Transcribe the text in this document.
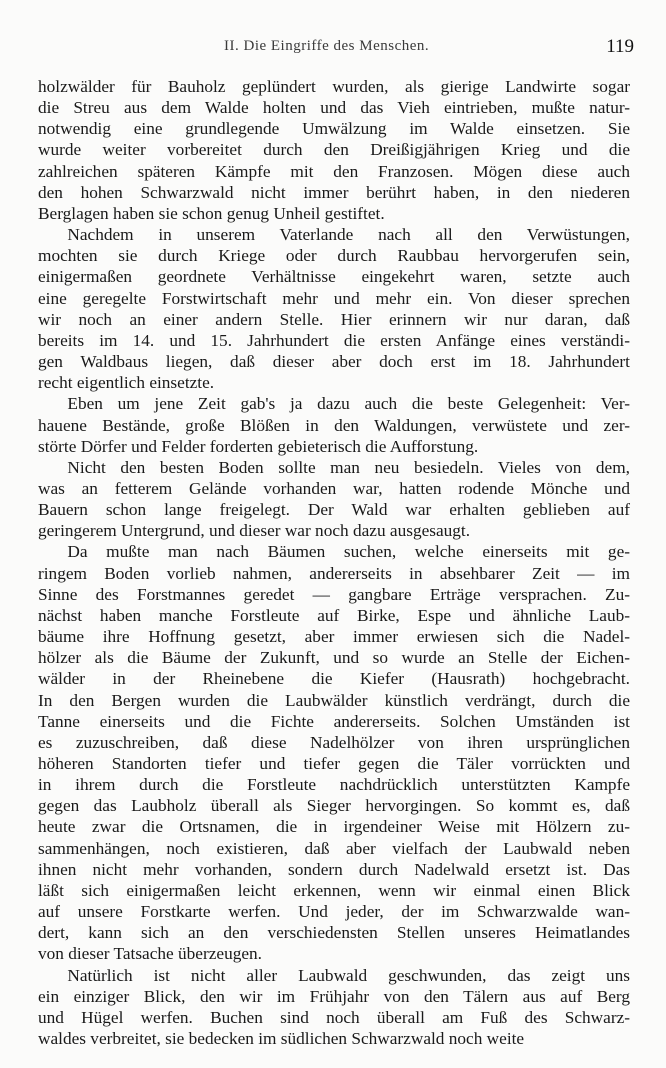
II. Die Eingriffe des Menschen.	119
holzwälder für Bauholz geplündert wurden, als gierige Landwirte sogar
die Streu aus dem Walde holten und das Vieh eintrieben, mußte natur-
notwendig eine grundlegende Umwälzung im Walde einsetzen. Sie
wurde weiter vorbereitet durch den Dreißigjährigen Krieg und die
zahlreichen späteren Kämpfe mit den Franzosen. Mögen diese auch
den hohen Schwarzwald nicht immer berührt haben, in den niederen
Berglagen haben sie schon genug Unheil gestiftet.
Nachdem in unserem Vaterlande nach all den Verwüstungen,
mochten sie durch Kriege oder durch Raubbau hervorgerufen sein,
einigermaßen geordnete Verhältnisse eingekehrt waren, setzte auch
eine geregelte Forstwirtschaft mehr und mehr ein. Von dieser sprechen
wir noch an einer andern Stelle. Hier erinnern wir nur daran, daß
bereits im 14. und 15. Jahrhundert die ersten Anfänge eines verständi-
gen Waldbaus liegen, daß dieser aber doch erst im 18. Jahrhundert
recht eigentlich einsetzte.
Eben um jene Zeit gab's ja dazu auch die beste Gelegenheit: Ver-
hauene Bestände, große Blößen in den Waldungen, verwüstete und zer-
störte Dörfer und Felder forderten gebieterisch die Aufforstung.
Nicht den besten Boden sollte man neu besiedeln. Vieles von dem,
was an fetterem Gelände vorhanden war, hatten rodende Mönche und
Bauern schon lange freigelegt. Der Wald war erhalten geblieben auf
geringerem Untergrund, und dieser war noch dazu ausgesaugt.
Da mußte man nach Bäumen suchen, welche einerseits mit ge-
ringem Boden vorlieb nahmen, andererseits in absehbarer Zeit — im
Sinne des Forstmannes geredet — gangbare Erträge versprachen. Zu-
nächst haben manche Forstleute auf Birke, Espe und ähnliche Laub-
bäume ihre Hoffnung gesetzt, aber immer erwiesen sich die Nadel-
hölzer als die Bäume der Zukunft, und so wurde an Stelle der Eichen-
wälder in der Rheinebene die Kiefer (Hausrath) hochgebracht.
In den Bergen wurden die Laubwälder künstlich verdrängt, durch die
Tanne einerseits und die Fichte andererseits. Solchen Umständen ist
es zuzuschreiben, daß diese Nadelhölzer von ihren ursprünglichen
höheren Standorten tiefer und tiefer gegen die Täler vorrückten und
in ihrem durch die Forstleute nachdrücklich unterstützten Kampfe
gegen das Laubholz überall als Sieger hervorgingen. So kommt es, daß
heute zwar die Ortsnamen, die in irgendeiner Weise mit Hölzern zu-
sammenhängen, noch existieren, daß aber vielfach der Laubwald neben
ihnen nicht mehr vorhanden, sondern durch Nadelwald ersetzt ist. Das
läßt sich einigermaßen leicht erkennen, wenn wir einmal einen Blick
auf unsere Forstkarte werfen. Und jeder, der im Schwarzwalde wan-
dert, kann sich an den verschiedensten Stellen unseres Heimatlandes
von dieser Tatsache überzeugen.
Natürlich ist nicht aller Laubwald geschwunden, das zeigt uns
ein einziger Blick, den wir im Frühjahr von den Tälern aus auf Berg
und Hügel werfen. Buchen sind noch überall am Fuß des Schwarz-
waldes verbreitet, sie bedecken im südlichen Schwarzwald noch weite
